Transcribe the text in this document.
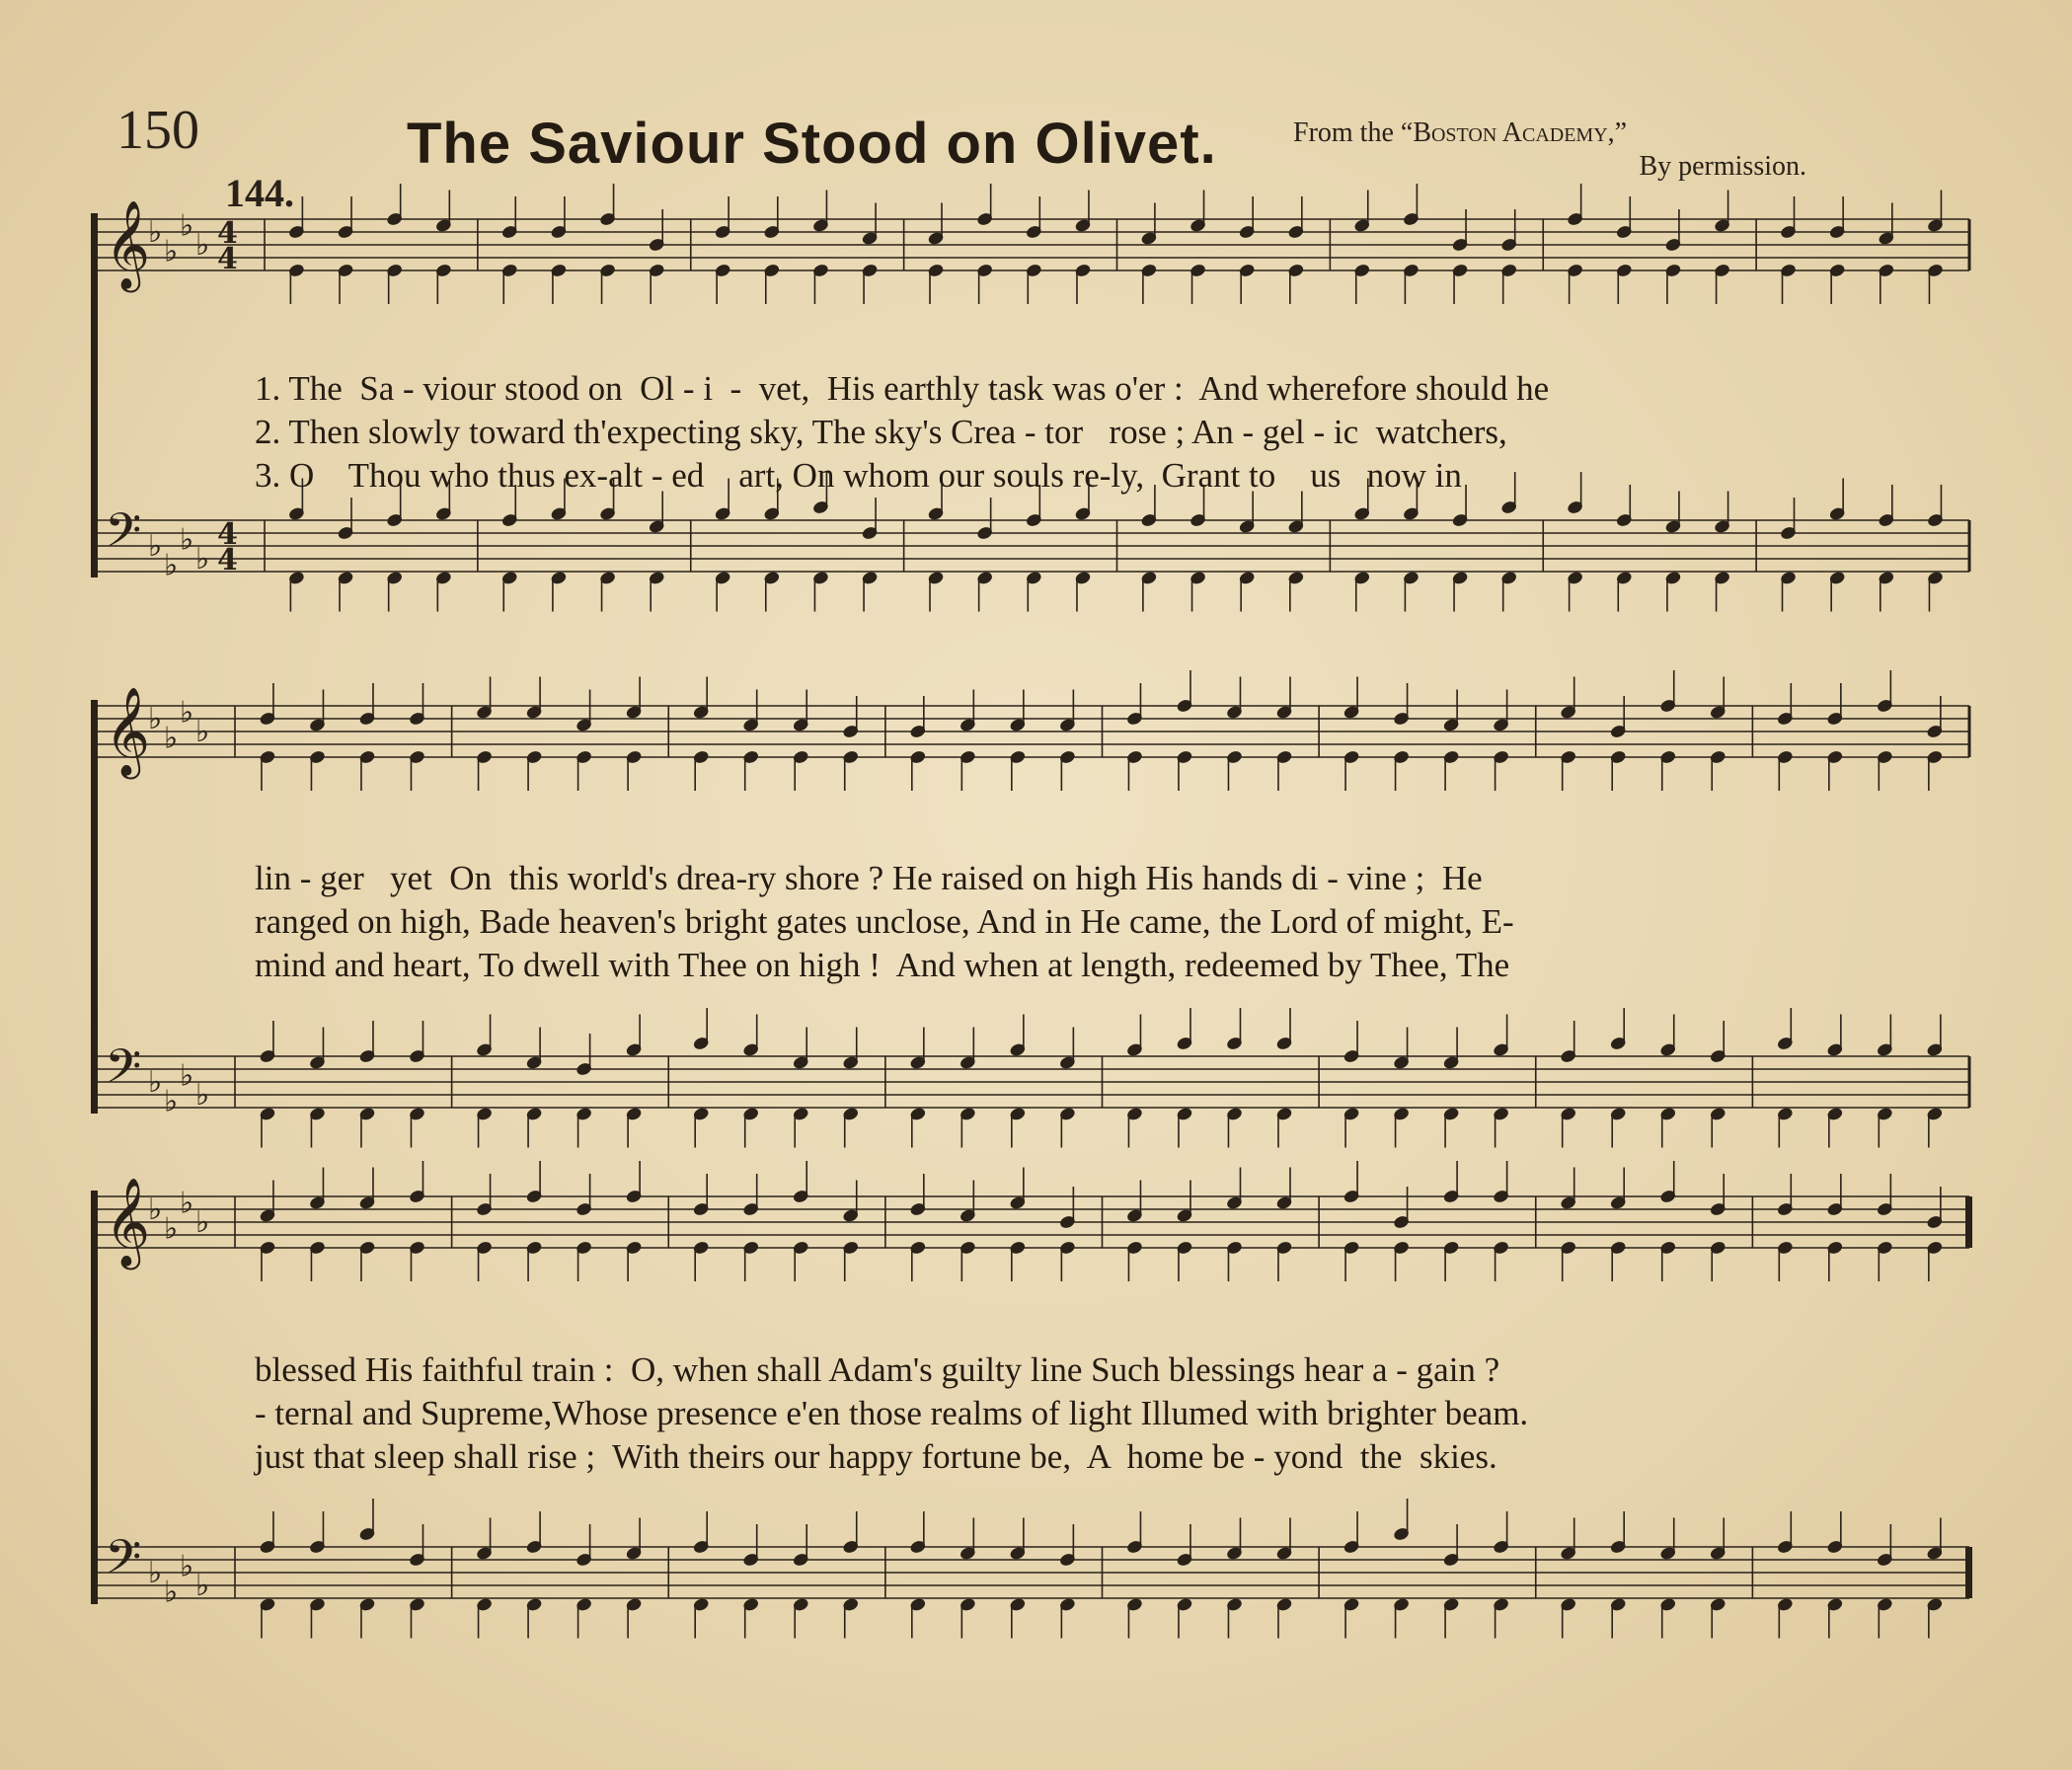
150
144.
The Saviour Stood on Olivet.	From the “Boston Academy,”
By permission.
𝄞
♭
♭
♭
♭ 4
4
𝄢 ♭
♭
♭
♭
4
4
1. The  Sa - viour stood on  Ol - i  -  vet,  His earthly task was o'er :  And wherefore should he
2. Then slowly toward th'expecting sky, The sky's Crea - tor   rose ; An - gel - ic  watchers,
3. O    Thou who thus ex-alt - ed    art, On whom our souls re-ly,  Grant to    us   now in
𝄞
♭
♭
♭
♭
𝄢 ♭
♭
♭
♭
lin - ger   yet  On  this world's drea-ry shore ? He raised on high His hands di - vine ;  He
ranged on high, Bade heaven's bright gates unclose, And in He came, the Lord of might, E-
mind and heart, To dwell with Thee on high !  And when at length, redeemed by Thee, The
𝄞
♭
♭
♭
♭
𝄢 ♭
♭
♭
♭
blessed His faithful train :  O, when shall Adam's guilty line Such blessings hear a - gain ?
- ternal and Supreme,Whose presence e'en those realms of light Illumed with brighter beam.
just that sleep shall rise ;  With theirs our happy fortune be,  A  home be - yond  the  skies.
